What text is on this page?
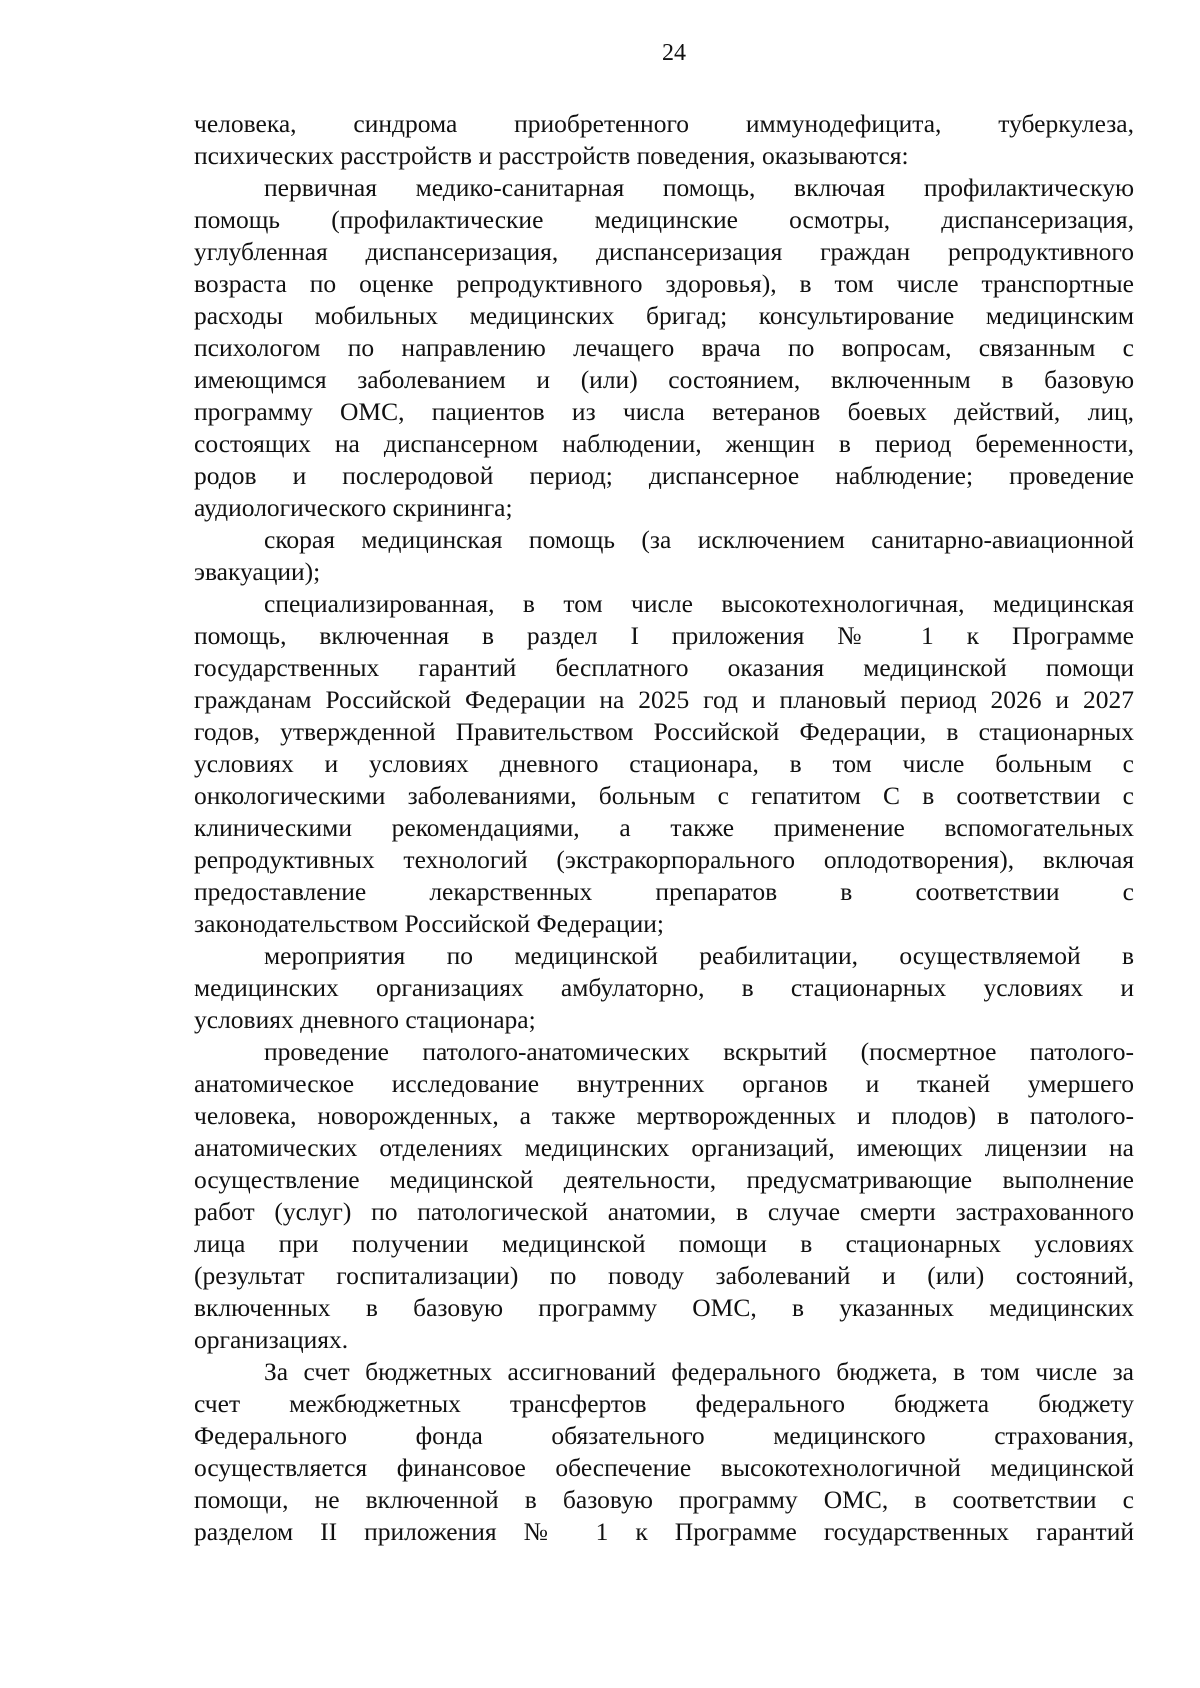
24
человека, синдрома приобретенного иммунодефицита, туберкулеза,
психических расстройств и расстройств поведения, оказываются:
первичная медико-санитарная помощь, включая профилактическую
помощь (профилактические медицинские осмотры, диспансеризация,
углубленная диспансеризация, диспансеризация граждан репродуктивного
возраста по оценке репродуктивного здоровья), в том числе транспортные
расходы мобильных медицинских бригад; консультирование медицинским
психологом по направлению лечащего врача по вопросам, связанным с
имеющимся заболеванием и (или) состоянием, включенным в базовую
программу ОМС, пациентов из числа ветеранов боевых действий, лиц,
состоящих на диспансерном наблюдении, женщин в период беременности,
родов и послеродовой период; диспансерное наблюдение; проведение
аудиологического скрининга;
скорая медицинская помощь (за исключением санитарно-авиационной
эвакуации);
специализированная, в том числе высокотехнологичная, медицинская
помощь, включенная в раздел I приложения № 1 к Программе
государственных гарантий бесплатного оказания медицинской помощи
гражданам Российской Федерации на 2025 год и плановый период 2026 и 2027
годов, утвержденной Правительством Российской Федерации, в стационарных
условиях и условиях дневного стационара, в том числе больным с
онкологическими заболеваниями, больным с гепатитом С в соответствии с
клиническими рекомендациями, а также применение вспомогательных
репродуктивных технологий (экстракорпорального оплодотворения), включая
предоставление лекарственных препаратов в соответствии с
законодательством Российской Федерации;
мероприятия по медицинской реабилитации, осуществляемой в
медицинских организациях амбулаторно, в стационарных условиях и
условиях дневного стационара;
проведение патолого-анатомических вскрытий (посмертное патолого-
анатомическое исследование внутренних органов и тканей умершего
человека, новорожденных, а также мертворожденных и плодов) в патолого-
анатомических отделениях медицинских организаций, имеющих лицензии на
осуществление медицинской деятельности, предусматривающие выполнение
работ (услуг) по патологической анатомии, в случае смерти застрахованного
лица при получении медицинской помощи в стационарных условиях
(результат госпитализации) по поводу заболеваний и (или) состояний,
включенных в базовую программу ОМС, в указанных медицинских
организациях.
За счет бюджетных ассигнований федерального бюджета, в том числе за
счет межбюджетных трансфертов федерального бюджета бюджету
Федерального фонда обязательного медицинского страхования,
осуществляется финансовое обеспечение высокотехнологичной медицинской
помощи, не включенной в базовую программу ОМС, в соответствии с
разделом II приложения № 1 к Программе государственных гарантий
